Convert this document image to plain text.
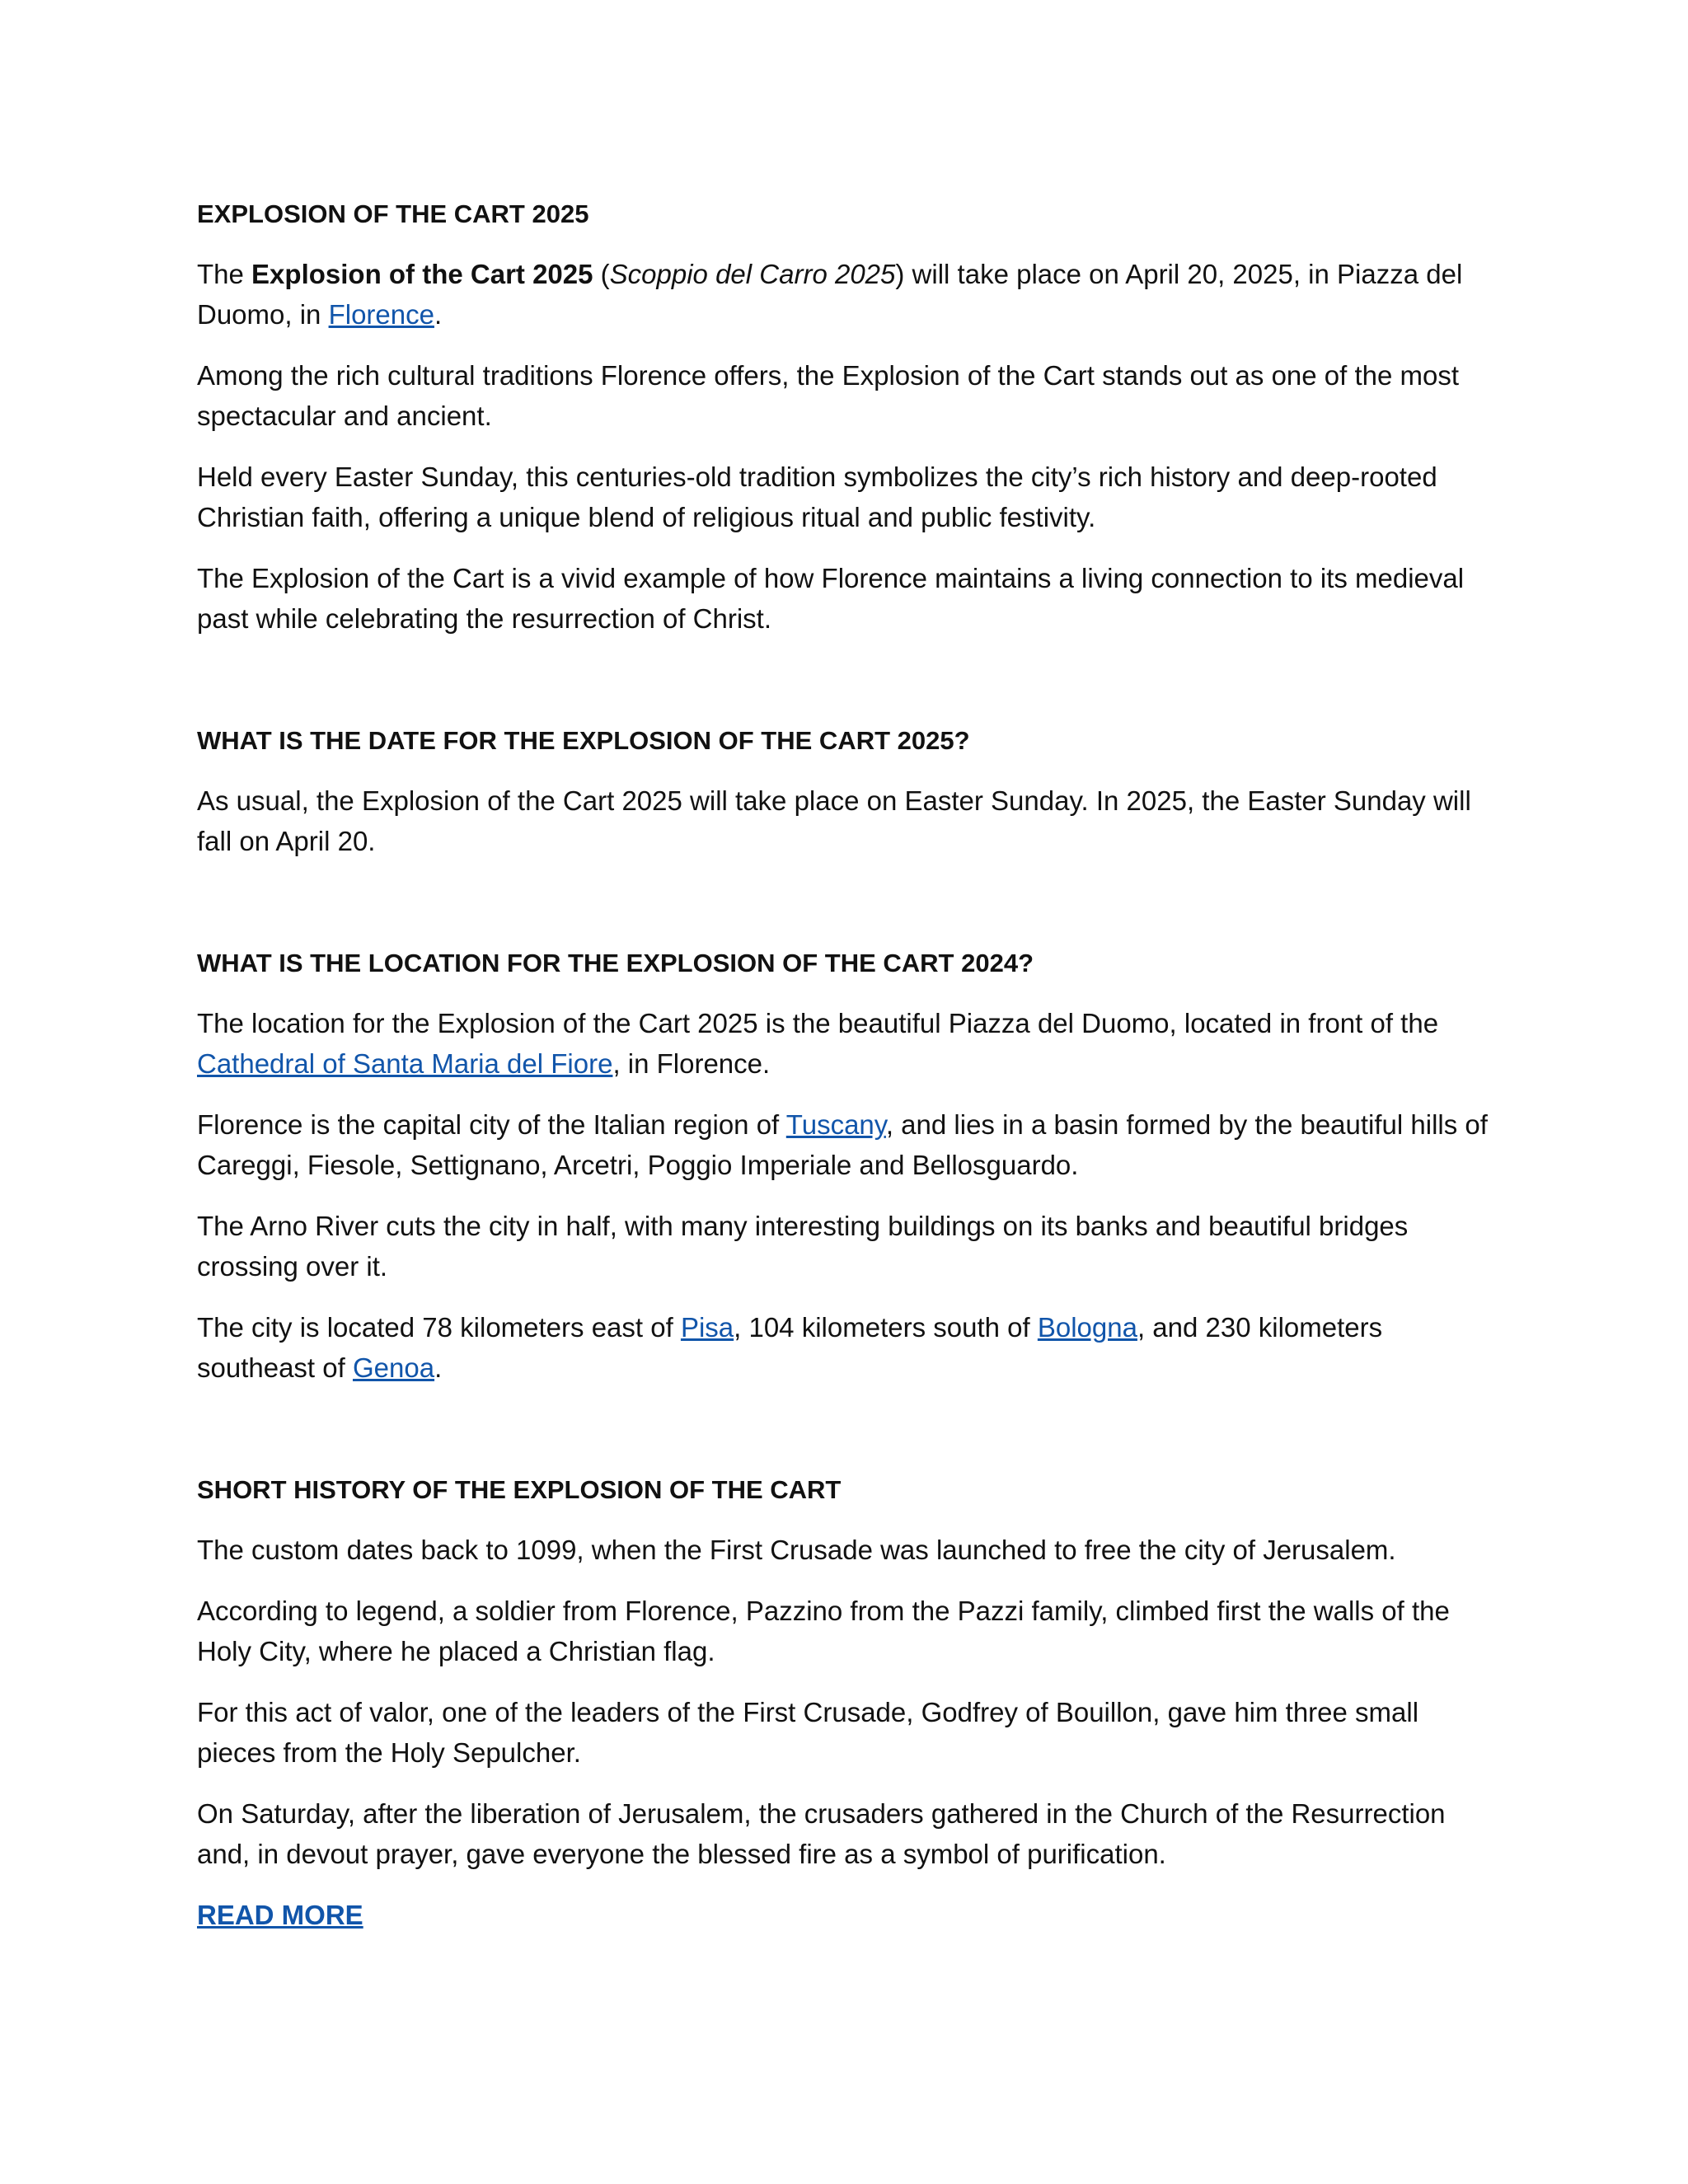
EXPLOSION OF THE CART 2025

The Explosion of the Cart 2025 (Scoppio del Carro 2025) will take place on April 20, 2025, in Piazza del Duomo, in Florence.

Among the rich cultural traditions Florence offers, the Explosion of the Cart stands out as one of the most spectacular and ancient.

Held every Easter Sunday, this centuries-old tradition symbolizes the city’s rich history and deep-rooted Christian faith, offering a unique blend of religious ritual and public festivity.

The Explosion of the Cart is a vivid example of how Florence maintains a living connection to its medieval past while celebrating the resurrection of Christ.

WHAT IS THE DATE FOR THE EXPLOSION OF THE CART 2025?

As usual, the Explosion of the Cart 2025 will take place on Easter Sunday. In 2025, the Easter Sunday will fall on April 20.

WHAT IS THE LOCATION FOR THE EXPLOSION OF THE CART 2024?

The location for the Explosion of the Cart 2025 is the beautiful Piazza del Duomo, located in front of the Cathedral of Santa Maria del Fiore, in Florence.

Florence is the capital city of the Italian region of Tuscany, and lies in a basin formed by the beautiful hills of Careggi, Fiesole, Settignano, Arcetri, Poggio Imperiale and Bellosguardo.

The Arno River cuts the city in half, with many interesting buildings on its banks and beautiful bridges crossing over it.

The city is located 78 kilometers east of Pisa, 104 kilometers south of Bologna, and 230 kilometers southeast of Genoa.

SHORT HISTORY OF THE EXPLOSION OF THE CART

The custom dates back to 1099, when the First Crusade was launched to free the city of Jerusalem.

According to legend, a soldier from Florence, Pazzino from the Pazzi family, climbed first the walls of the Holy City, where he placed a Christian flag.

For this act of valor, one of the leaders of the First Crusade, Godfrey of Bouillon, gave him three small pieces from the Holy Sepulcher.

On Saturday, after the liberation of Jerusalem, the crusaders gathered in the Church of the Resurrection and, in devout prayer, gave everyone the blessed fire as a symbol of purification.

READ MORE
